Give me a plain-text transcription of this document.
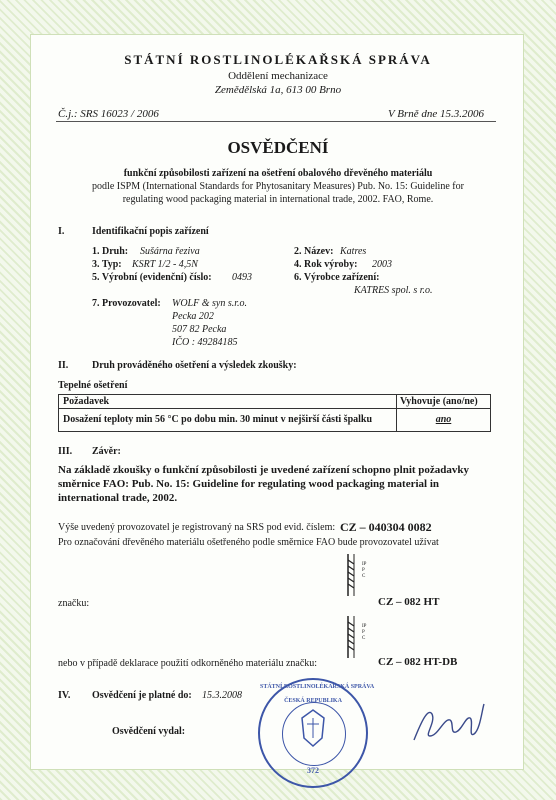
STÁTNÍ ROSTLINOLÉKAŘSKÁ SPRÁVA
Oddělení mechanizace
Zemědělská 1a, 613 00 Brno
Č.j.: SRS 16023 / 2006	V Brně dne 15.3.2006
OSVĚDČENÍ
funkční způsobilosti zařízení na ošetření obalového dřevěného materiálu
podle ISPM (International Standards for Phytosanitary Measures) Pub. No. 15: Guideline for
regulating wood packaging material in international trade, 2002. FAO, Rome.
I.	Identifikační popis zařízení
1. Druh: Sušárna řeziva	2. Název: Katres
3. Typ: KSRT 1/2 - 4,5N	4. Rok výroby: 2003
5. Výrobní (evidenční) číslo: 0493	6. Výrobce zařízení:
KATRES spol. s r.o.
7. Provozovatel: WOLF & syn s.r.o.
Pecka 202
507 82 Pecka
IČO : 49284185
II. Druh prováděného ošetření a výsledek zkoušky:
Tepelné ošetření
Požadavek	Vyhovuje (ano/ne)
Dosažení teploty min 56 °C po dobu min. 30 minut v nejširší části špalku	ano
III. Závěr:
Na základě zkoušky o funkční způsobilosti je uvedené zařízení schopno plnit požadavky
směrnice FAO: Pub. No. 15: Guideline for regulating wood packaging material in
international trade, 2002.
Výše uvedený provozovatel je registrovaný na SRS pod evid. číslem: CZ – 040304 0082
Pro označování dřevěného materiálu ošetřeného podle směrnice FAO bude provozovatel užívat
IPPC
značku:	CZ – 082 HT
IPPC
nebo v případě deklarace použití odkorněného materiálu značku:	CZ – 082 HT-DB
IV. Osvědčení je platné do: 15.3.2008
Osvědčení vydal:
STÁTNÍ ROSTLINOLÉKAŘSKÁ SPRÁVA
ČESKÁ REPUBLIKA
372
